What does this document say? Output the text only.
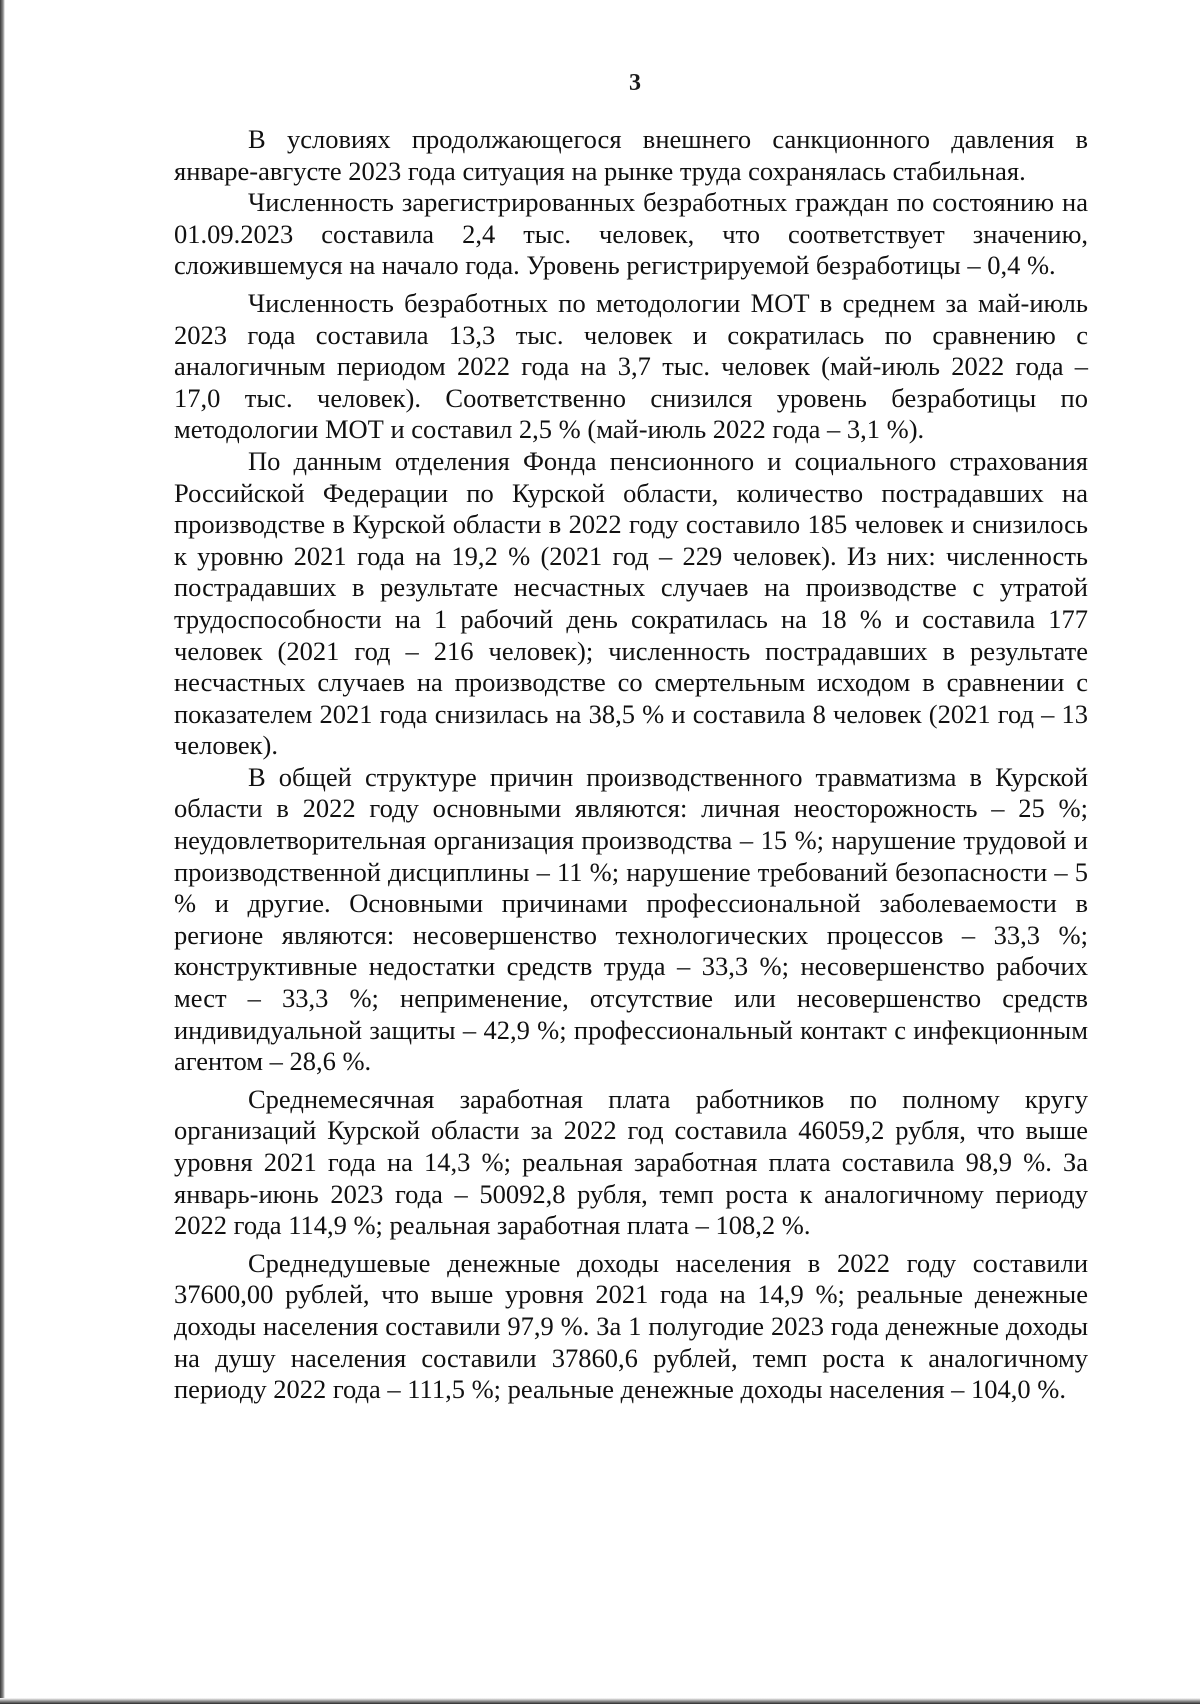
3

В условиях продолжающегося внешнего санкционного давления в январе-августе 2023 года ситуация на рынке труда сохранялась стабильная.

Численность зарегистрированных безработных граждан по состоянию на 01.09.2023 составила 2,4 тыс. человек, что соответствует значению, сложившемуся на начало года. Уровень регистрируемой безработицы – 0,4 %.

Численность безработных по методологии МОТ в среднем за май-июль 2023 года составила 13,3 тыс. человек и сократилась по сравнению с аналогичным периодом 2022 года на 3,7 тыс. человек (май-июль 2022 года – 17,0 тыс. человек). Соответственно снизился уровень безработицы по методологии МОТ и составил 2,5 % (май-июль 2022 года – 3,1 %).

По данным отделения Фонда пенсионного и социального страхования Российской Федерации по Курской области, количество пострадавших на производстве в Курской области в 2022 году составило 185 человек и снизилось к уровню 2021 года на 19,2 % (2021 год – 229 человек). Из них: численность пострадавших в результате несчастных случаев на производстве с утратой трудоспособности на 1 рабочий день сократилась на 18 % и составила 177 человек (2021 год – 216 человек); численность пострадавших в результате несчастных случаев на производстве со смертельным исходом в сравнении с показателем 2021 года снизилась на 38,5 % и составила 8 человек (2021 год – 13 человек).

В общей структуре причин производственного травматизма в Курской области в 2022 году основными являются: личная неосторожность – 25 %; неудовлетворительная организация производства – 15 %; нарушение трудовой и производственной дисциплины – 11 %; нарушение требований безопасности – 5 % и другие. Основными причинами профессиональной заболеваемости в регионе являются: несовершенство технологических процессов – 33,3 %; конструктивные недостатки средств труда – 33,3 %; несовершенство рабочих мест – 33,3 %; неприменение, отсутствие или несовершенство средств индивидуальной защиты – 42,9 %; профессиональный контакт с инфекционным агентом – 28,6 %.

Среднемесячная заработная плата работников по полному кругу организаций Курской области за 2022 год составила 46059,2 рубля, что выше уровня 2021 года на 14,3 %; реальная заработная плата составила 98,9 %. За январь-июнь 2023 года – 50092,8 рубля, темп роста к аналогичному периоду 2022 года 114,9 %; реальная заработная плата – 108,2 %.

Среднедушевые денежные доходы населения в 2022 году составили 37600,00 рублей, что выше уровня 2021 года на 14,9 %; реальные денежные доходы населения составили 97,9 %. За 1 полугодие 2023 года денежные доходы на душу населения составили 37860,6 рублей, темп роста к аналогичному периоду 2022 года – 111,5 %; реальные денежные доходы населения – 104,0 %.
